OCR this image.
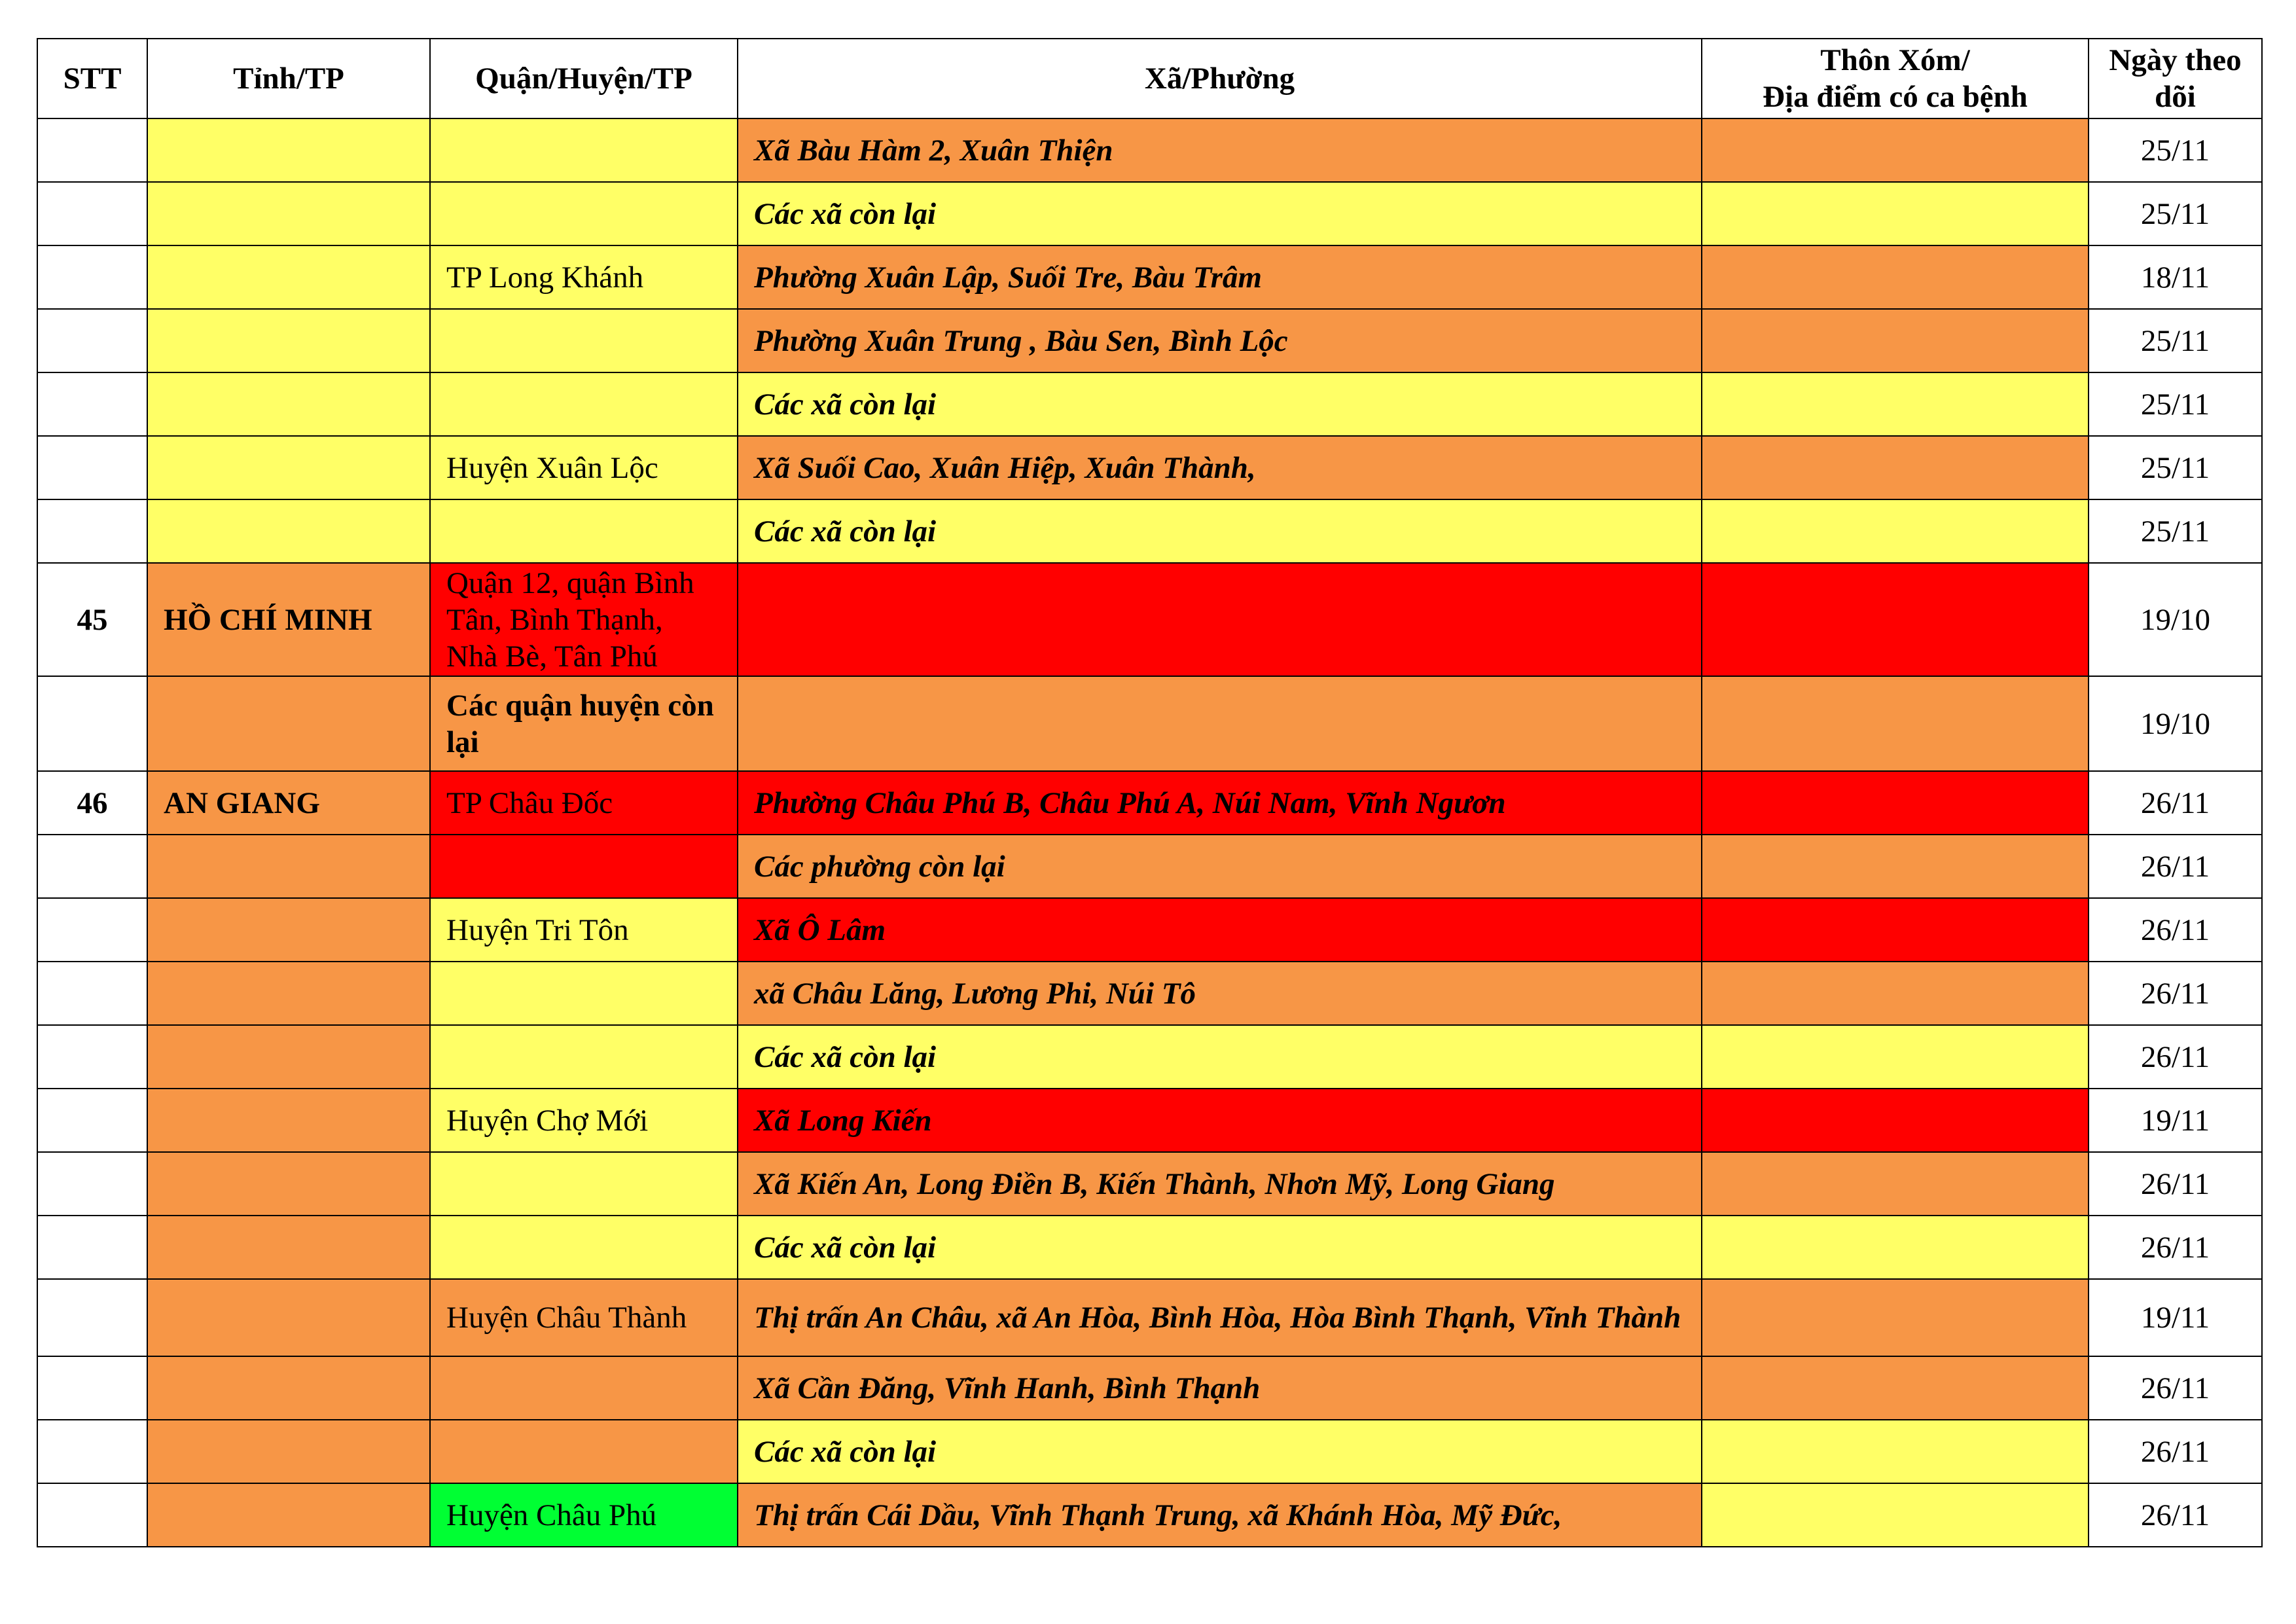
STT	Tỉnh/TP	Quận/Huyện/TP	Xã/Phường	Thôn Xóm/
Địa điểm có ca bệnh	Ngày theo
dõi
			Xã Bàu Hàm 2, Xuân Thiện		25/11
			Các xã còn lại		25/11
		TP Long Khánh	Phường Xuân Lập, Suối Tre, Bàu Trâm		18/11
			Phường Xuân Trung , Bàu Sen, Bình Lộc		25/11
			Các xã còn lại		25/11
		Huyện Xuân Lộc	Xã Suối Cao, Xuân Hiệp, Xuân Thành,		25/11
			Các xã còn lại		25/11
45	HỒ CHÍ MINH	Quận 12, quận Bình Tân, Bình Thạnh, Nhà Bè, Tân Phú			19/10
		Các quận huyện còn lại			19/10
46	AN GIANG	TP Châu Đốc	Phường Châu Phú B, Châu Phú A, Núi Nam, Vĩnh Ngươn		26/11
			Các phường còn lại		26/11
		Huyện Tri Tôn	Xã Ô Lâm		26/11
			xã Châu Lăng, Lương Phi, Núi Tô		26/11
			Các xã còn lại		26/11
		Huyện Chợ Mới	Xã Long Kiến		19/11
			Xã Kiến An, Long Điền B, Kiến Thành, Nhơn Mỹ, Long Giang		26/11
			Các xã còn lại		26/11
		Huyện Châu Thành	Thị trấn An Châu, xã An Hòa, Bình Hòa, Hòa Bình Thạnh, Vĩnh Thành		19/11
			Xã Cần Đăng, Vĩnh Hanh, Bình Thạnh		26/11
			Các xã còn lại		26/11
		Huyện Châu Phú	Thị trấn Cái Dầu, Vĩnh Thạnh Trung, xã Khánh Hòa, Mỹ Đức,		26/11
